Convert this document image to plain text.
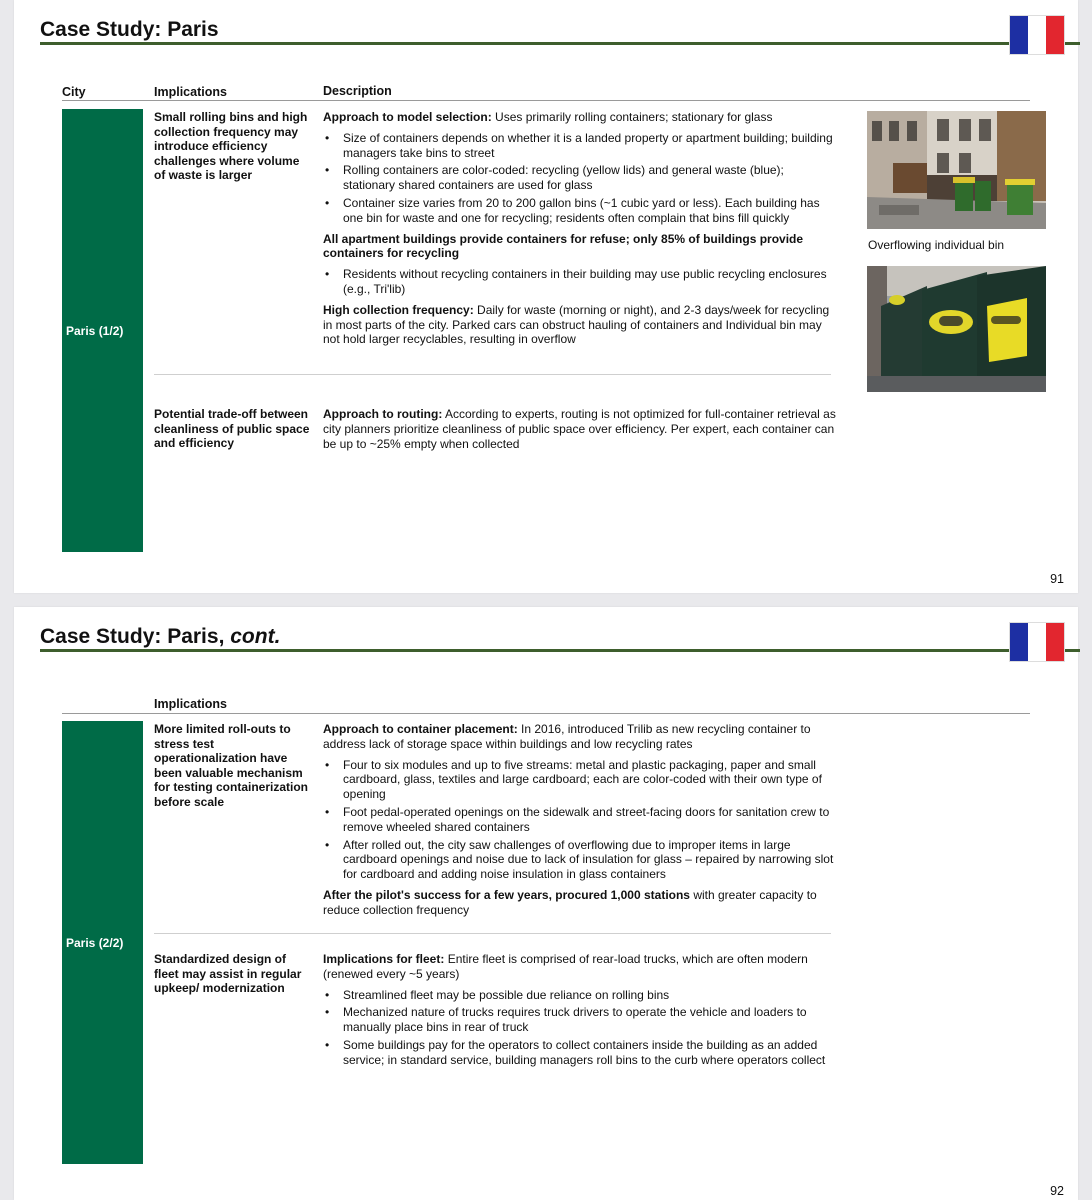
Case Study: Paris
City	Implications	Description
Paris (1/2)
Small rolling bins and high collection frequency may introduce efficiency challenges where volume of waste is larger

Approach to model selection: Uses primarily rolling containers; stationary for glass

• Size of containers depends on whether it is a landed property or apartment building; building managers take bins to street
• Rolling containers are color-coded: recycling (yellow lids) and general waste (blue); stationary shared containers are used for glass
• Container size varies from 20 to 200 gallon bins (~1 cubic yard or less). Each building has one bin for waste and one for recycling; residents often complain that bins fill quickly

All apartment buildings provide containers for refuse; only 85% of buildings provide containers for recycling

• Residents without recycling containers in their building may use public recycling enclosures (e.g., Tri'lib)

High collection frequency: Daily for waste (morning or night), and 2-3 days/week for recycling in most parts of the city. Parked cars can obstruct hauling of containers and Individual bin may not hold larger recyclables, resulting in overflow

Potential trade-off between cleanliness of public space and efficiency

Approach to routing: According to experts, routing is not optimized for full-container retrieval as city planners prioritize cleanliness of public space over efficiency. Per expert, each container can be up to ~25% empty when collected

Overflowing individual bin
91
Case Study: Paris, cont.
Implications
Paris (2/2)
More limited roll-outs to stress test operationalization have been valuable mechanism for testing containerization before scale

Approach to container placement: In 2016, introduced Trilib as new recycling container to address lack of storage space within buildings and low recycling rates

• Four to six modules and up to five streams: metal and plastic packaging, paper and small cardboard, glass, textiles and large cardboard; each are color-coded with their own type of opening
• Foot pedal-operated openings on the sidewalk and street-facing doors for sanitation crew to remove wheeled shared containers
• After rolled out, the city saw challenges of overflowing due to improper items in large cardboard openings and noise due to lack of insulation for glass – repaired by narrowing slot for cardboard and adding noise insulation in glass containers

After the pilot's success for a few years, procured 1,000 stations with greater capacity to reduce collection frequency

Standardized design of fleet may assist in regular upkeep/ modernization

Implications for fleet: Entire fleet is comprised of rear-load trucks, which are often modern (renewed every ~5 years)

• Streamlined fleet may be possible due reliance on rolling bins
• Mechanized nature of trucks requires truck drivers to operate the vehicle and loaders to manually place bins in rear of truck
• Some buildings pay for the operators to collect containers inside the building as an added service; in standard service, building managers roll bins to the curb where operators collect
92
